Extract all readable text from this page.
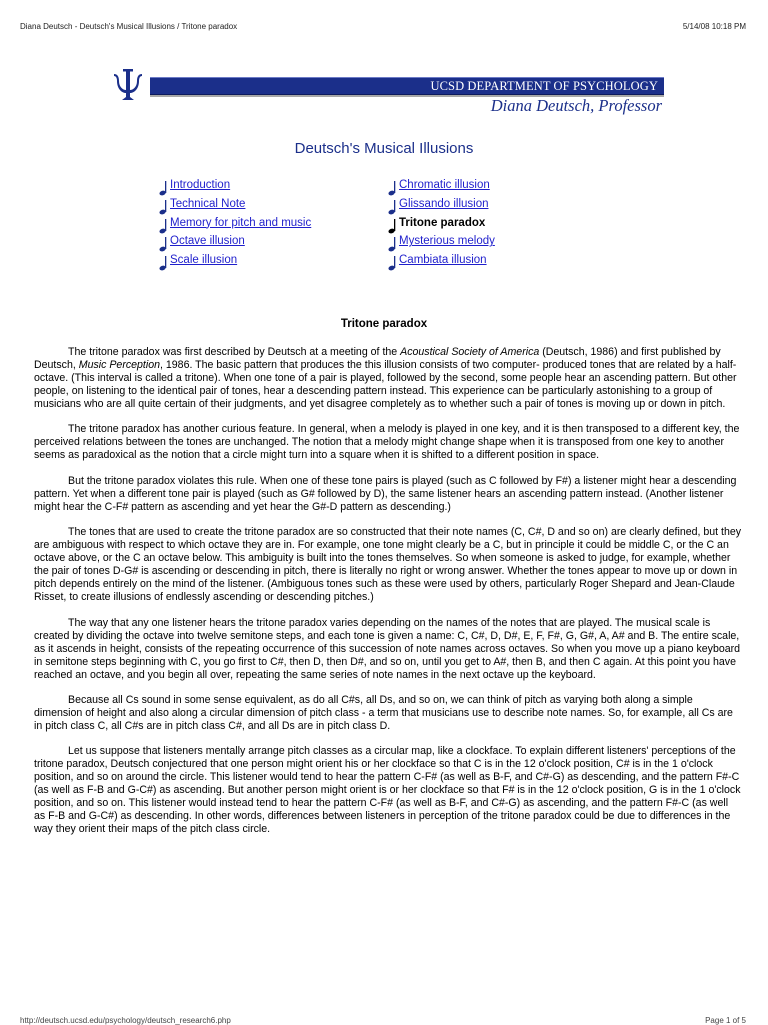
Diana Deutsch - Deutsch's Musical Illusions / Tritone paradox	5/14/08 10:18 PM
UCSD DEPARTMENT OF PSYCHOLOGY
Diana Deutsch, Professor
Deutsch's Musical Illusions
Introduction
Technical Note
Memory for pitch and music
Octave illusion
Scale illusion
Chromatic illusion
Glissando illusion
Tritone paradox
Mysterious melody
Cambiata illusion
Tritone paradox

The tritone paradox was first described by Deutsch at a meeting of the Acoustical Society of America (Deutsch, 1986) and first published by Deutsch, Music Perception, 1986. The basic pattern that produces the this illusion consists of two computer- produced tones that are related by a half-octave. (This interval is called a tritone). When one tone of a pair is played, followed by the second, some people hear an ascending pattern. But other people, on listening to the identical pair of tones, hear a descending pattern instead. This experience can be particularly astonishing to a group of musicians who are all quite certain of their judgments, and yet disagree completely as to whether such a pair of tones is moving up or down in pitch.

The tritone paradox has another curious feature. In general, when a melody is played in one key, and it is then transposed to a different key, the perceived relations between the tones are unchanged. The notion that a melody might change shape when it is transposed from one key to another seems as paradoxical as the notion that a circle might turn into a square when it is shifted to a different position in space.

But the tritone paradox violates this rule. When one of these tone pairs is played (such as C followed by F#) a listener might hear a descending pattern. Yet when a different tone pair is played (such as G# followed by D), the same listener hears an ascending pattern instead. (Another listener might hear the C-F# pattern as ascending and yet hear the G#-D pattern as descending.)

The tones that are used to create the tritone paradox are so constructed that their note names (C, C#, D and so on) are clearly defined, but they are ambiguous with respect to which octave they are in. For example, one tone might clearly be a C, but in principle it could be middle C, or the C an octave above, or the C an octave below. This ambiguity is built into the tones themselves. So when someone is asked to judge, for example, whether the pair of tones D-G# is ascending or descending in pitch, there is literally no right or wrong answer. Whether the tones appear to move up or down in pitch depends entirely on the mind of the listener. (Ambiguous tones such as these were used by others, particularly Roger Shepard and Jean-Claude Risset, to create illusions of endlessly ascending or descending pitches.)

The way that any one listener hears the tritone paradox varies depending on the names of the notes that are played. The musical scale is created by dividing the octave into twelve semitone steps, and each tone is given a name: C, C#, D, D#, E, F, F#, G, G#, A, A# and B. The entire scale, as it ascends in height, consists of the repeating occurrence of this succession of note names across octaves. So when you move up a piano keyboard in semitone steps beginning with C, you go first to C#, then D, then D#, and so on, until you get to A#, then B, and then C again. At this point you have reached an octave, and you begin all over, repeating the same series of note names in the next octave up the keyboard.

Because all Cs sound in some sense equivalent, as do all C#s, all Ds, and so on, we can think of pitch as varying both along a simple dimension of height and also along a circular dimension of pitch class - a term that musicians use to describe note names. So, for example, all Cs are in pitch class C, all C#s are in pitch class C#, and all Ds are in pitch class D.

Let us suppose that listeners mentally arrange pitch classes as a circular map, like a clockface. To explain different listeners' perceptions of the tritone paradox, Deutsch conjectured that one person might orient his or her clockface so that C is in the 12 o'clock position, C# is in the 1 o'clock position, and so on around the circle. This listener would tend to hear the pattern C-F# (as well as B-F, and C#-G) as descending, and the pattern F#-C (as well as F-B and G-C#) as ascending. But another person might orient is or her clockface so that F# is in the 12 o'clock position, G is in the 1 o'clock position, and so on. This listener would instead tend to hear the pattern C-F# (as well as B-F, and C#-G) as ascending, and the pattern F#-C (as well as F-B and G-C#) as descending. In other words, differences between listeners in perception of the tritone paradox could be due to differences in the way they orient their maps of the pitch class circle.

http://deutsch.ucsd.edu/psychology/deutsch_research6.php	Page 1 of 5
